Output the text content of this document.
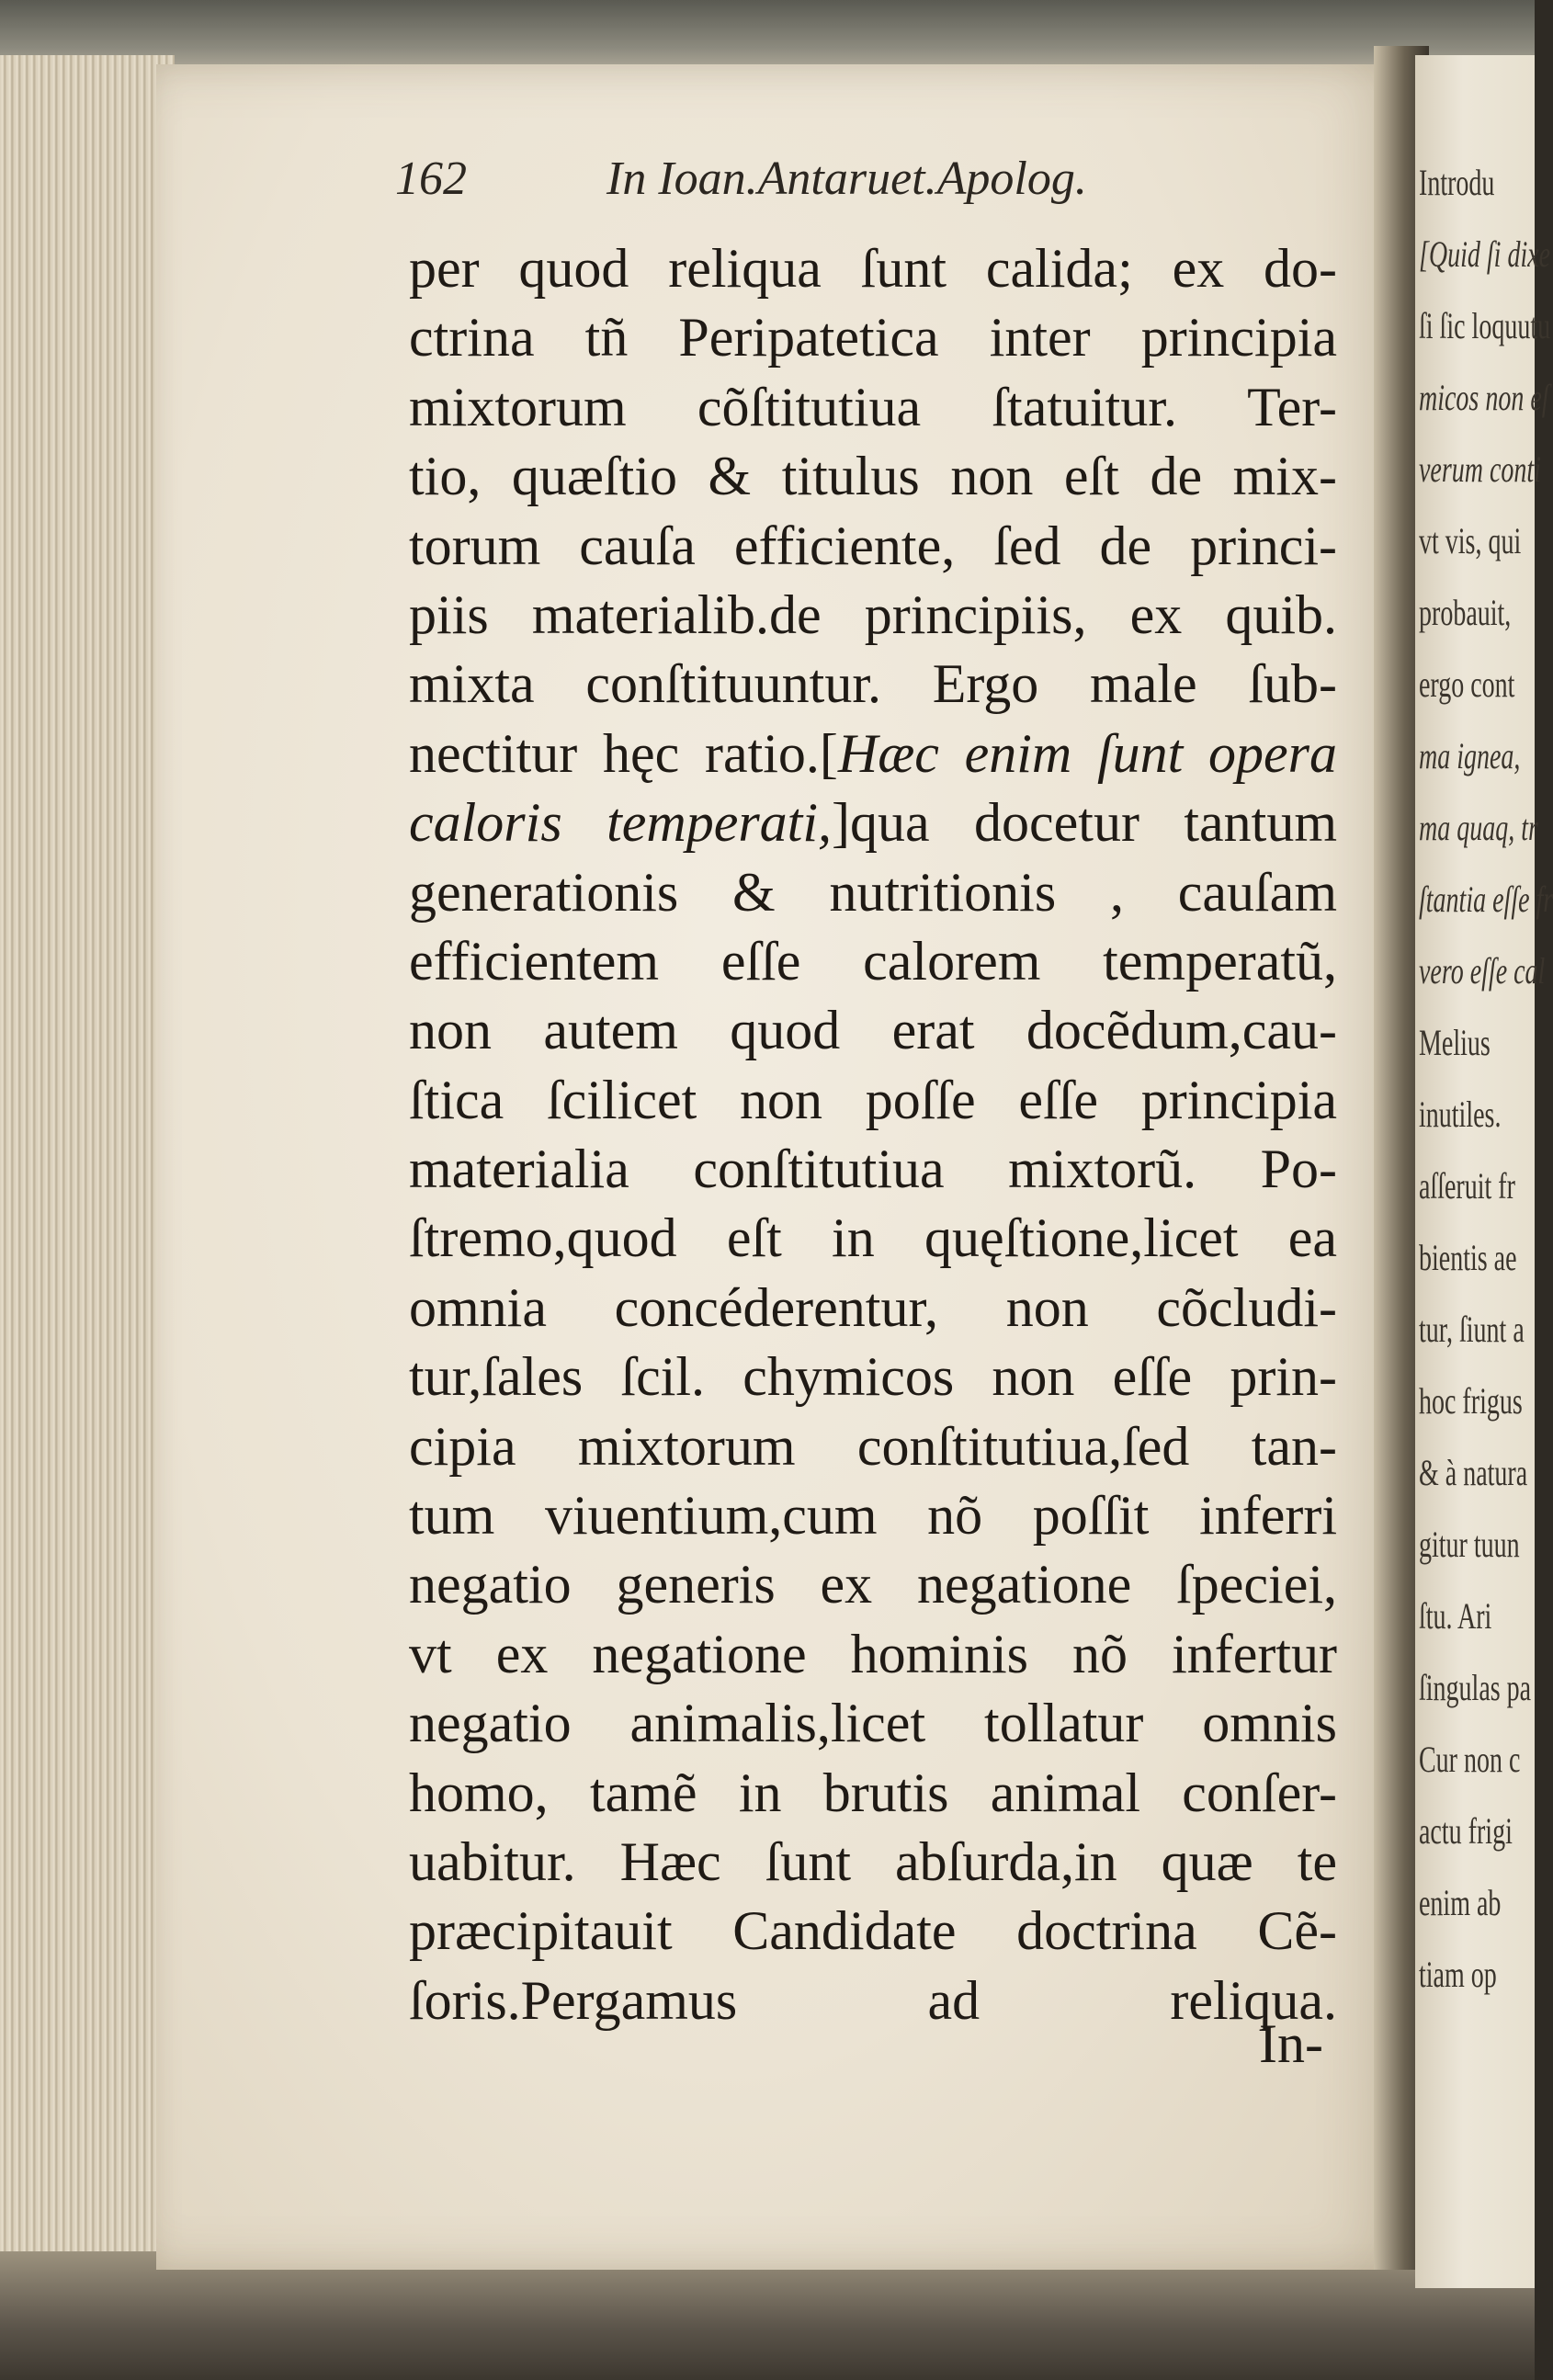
Introdu
[Quid ſi dixe
ſi ſic loquutu
micos non eſ
verum conti
vt vis, qui
probauit,
ergo cont
ma ignea,
ma quaq, tr
ſtantia eſſe fr
vero eſſe cal
Melius
inutiles.
aſſeruit fr
bientis ae
tur, ſiunt a
hoc frigus
& à natura
gitur tuun
ſtu. Ari
ſingulas pa
Cur non c
actu frigi
enim ab
tiam op
162	In Ioan.Antaruet.Apolog.
per quod reliqua ſunt calida; ex do-
ctrina tñ Peripatetica inter principia
mixtorum cõſtitutiua ſtatuitur. Ter-
tio, quæſtio & titulus non eſt de mix-
torum cauſa efficiente, ſed de princi-
piis materialib.de principiis, ex quib.
mixta conſtituuntur. Ergo male ſub-
nectitur hęc ratio.[Hæc enim ſunt opera
caloris temperati,]qua docetur tantum
generationis & nutritionis , cauſam
efficientem eſſe calorem temperatũ,
non autem quod erat docẽdum,cau-
ſtica ſcilicet non poſſe eſſe principia
materialia conſtitutiua mixtorũ. Po-
ſtremo,quod eſt in quęſtione,licet ea
omnia concéderentur, non cõcludi-
tur,ſales ſcil. chymicos non eſſe prin-
cipia mixtorum conſtitutiua,ſed tan-
tum viuentium,cum nõ poſſit inferri
negatio generis ex negatione ſpeciei,
vt ex negatione hominis nõ infertur
negatio animalis,licet tollatur omnis
homo, tamẽ in brutis animal conſer-
uabitur. Hæc ſunt abſurda,in quæ te
præcipitauit Candidate doctrina Cẽ-
ſoris.Pergamus ad reliqua.
In-
